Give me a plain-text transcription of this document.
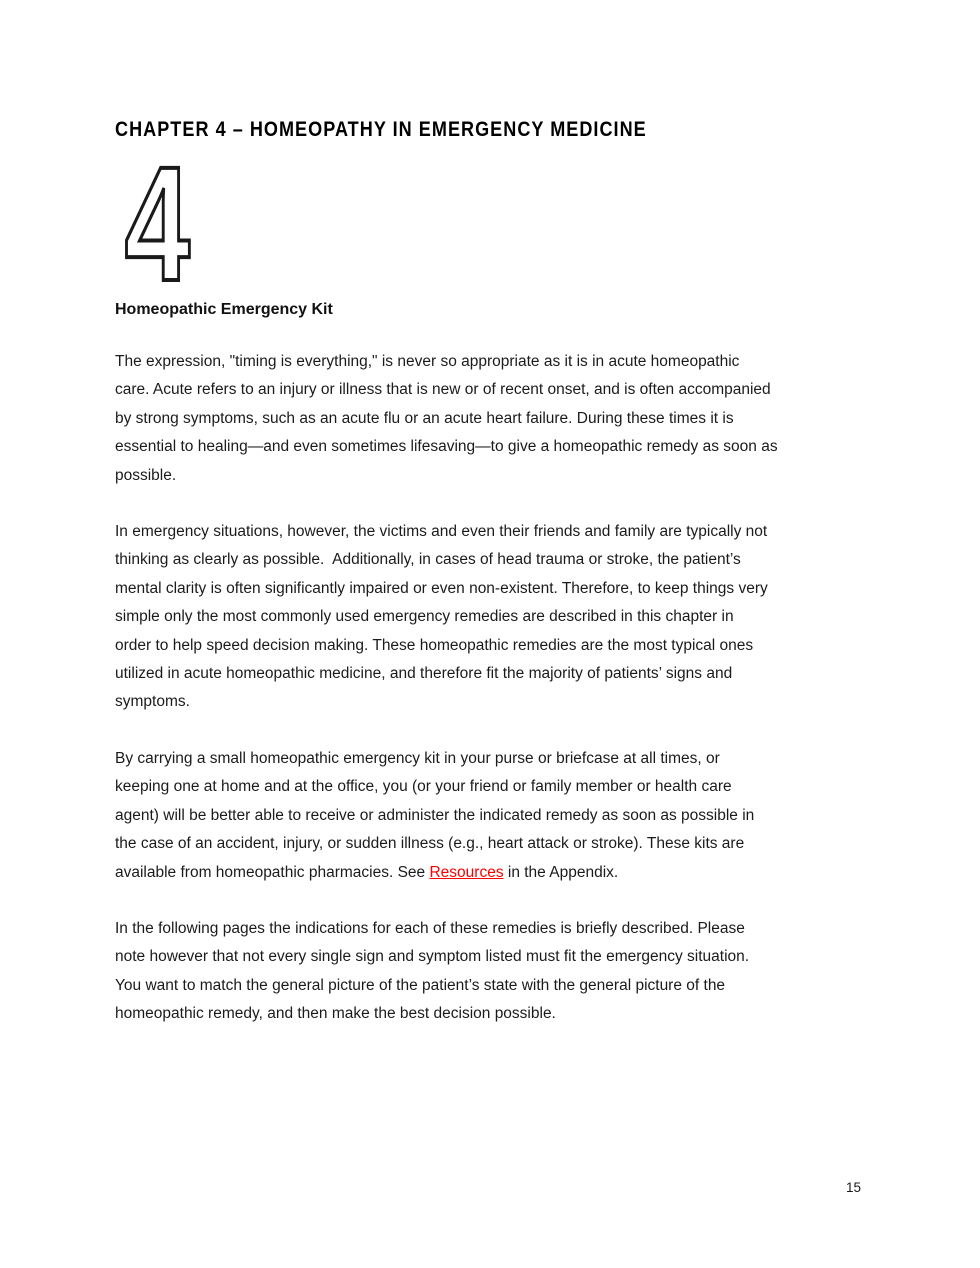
CHAPTER 4 – HOMEOPATHY IN EMERGENCY MEDICINE
4
Homeopathic Emergency Kit
The expression, "timing is everything," is never so appropriate as it is in acute homeopathic
care. Acute refers to an injury or illness that is new or of recent onset, and is often accompanied
by strong symptoms, such as an acute flu or an acute heart failure. During these times it is
essential to healing—and even sometimes lifesaving—to give a homeopathic remedy as soon as
possible.
In emergency situations, however, the victims and even their friends and family are typically not
thinking as clearly as possible.  Additionally, in cases of head trauma or stroke, the patient’s
mental clarity is often significantly impaired or even non-existent. Therefore, to keep things very
simple only the most commonly used emergency remedies are described in this chapter in
order to help speed decision making. These homeopathic remedies are the most typical ones
utilized in acute homeopathic medicine, and therefore fit the majority of patients’ signs and
symptoms.
By carrying a small homeopathic emergency kit in your purse or briefcase at all times, or
keeping one at home and at the office, you (or your friend or family member or health care
agent) will be better able to receive or administer the indicated remedy as soon as possible in
the case of an accident, injury, or sudden illness (e.g., heart attack or stroke). These kits are
available from homeopathic pharmacies. See Resources in the Appendix.
In the following pages the indications for each of these remedies is briefly described. Please
note however that not every single sign and symptom listed must fit the emergency situation.
You want to match the general picture of the patient’s state with the general picture of the
homeopathic remedy, and then make the best decision possible.
15
